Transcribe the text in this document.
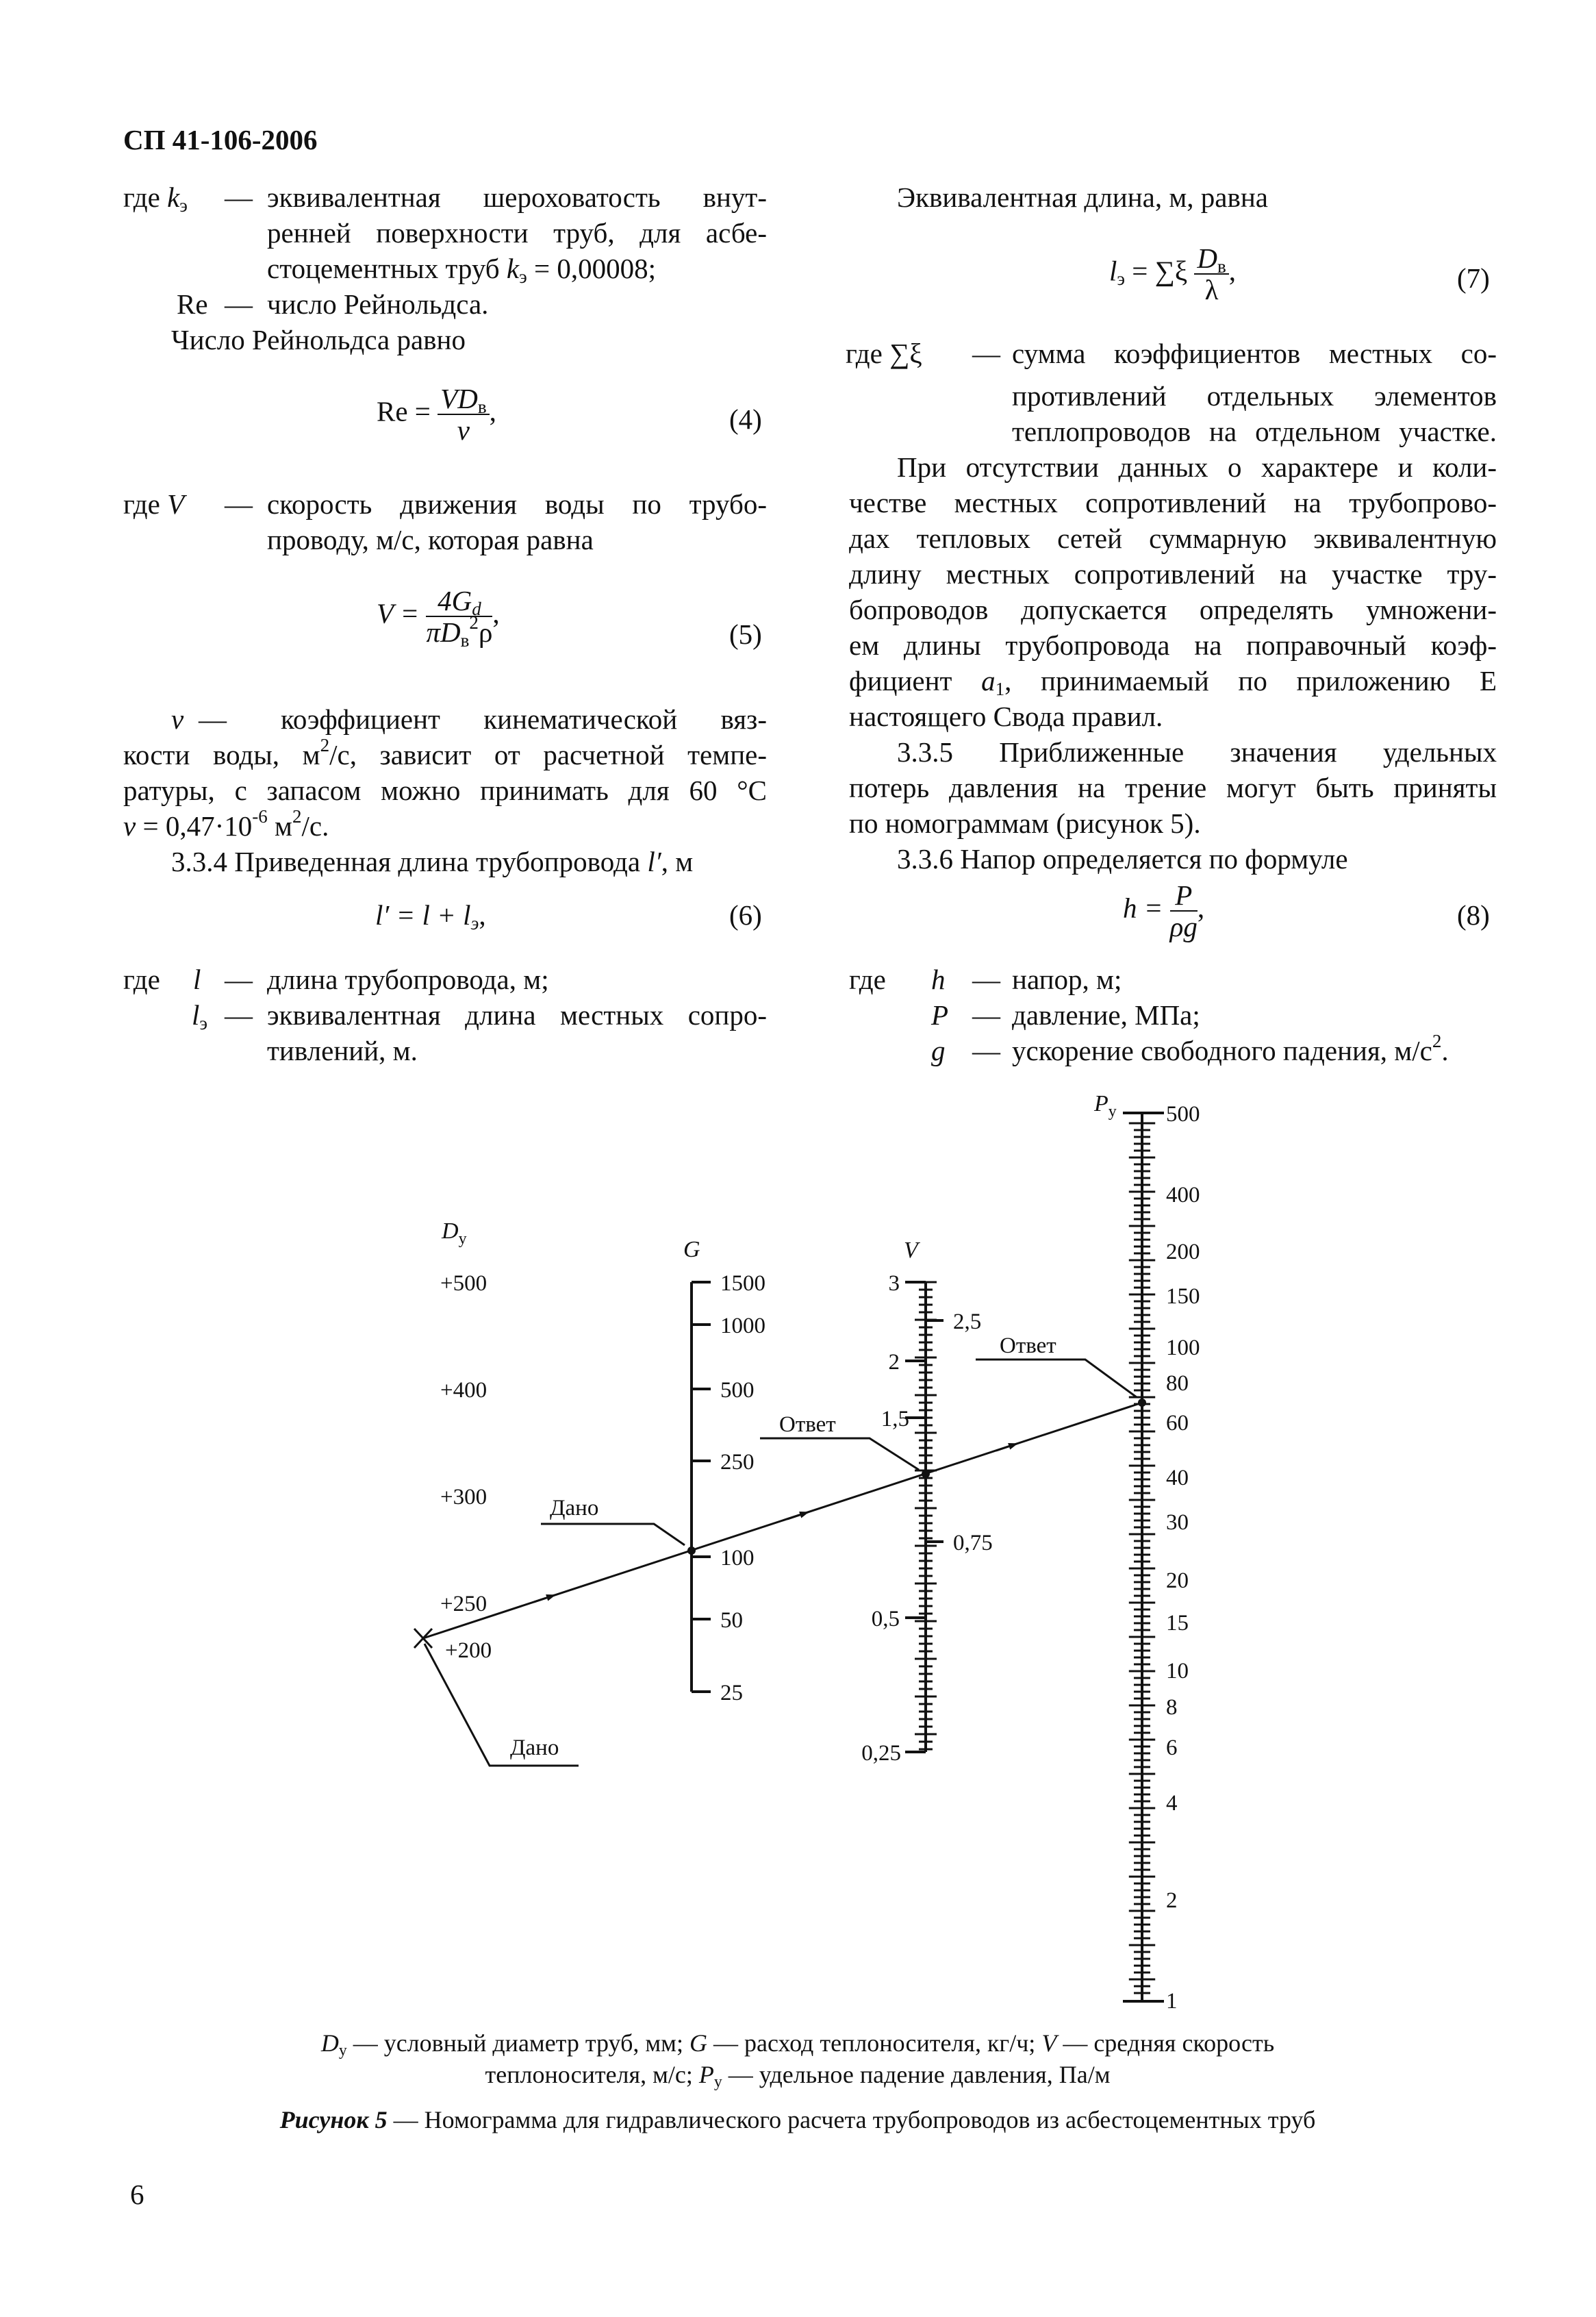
СП 41-106-2006
где $k_э$ — эквивалентная шероховатость внут-
ренней поверхности труб, для асбе-
стоцементных труб $k_э = 0,00008$;
Re — число Рейнольдса.
Число Рейнольдса равно
$Re = \frac{VD_в}{v}$ ,	(4)
где V — скорость движения воды по трубо-
проводу, м/с, которая равна
$V = \frac{4G_d}{\pi D_в^2\rho}$ ,
(5)
v — коэффициент кинематической вяз-
кости воды, $м^2/с$, зависит от расчетной темпе-
ратуры, с запасом можно принимать для 60 °С
$v = 0,47\cdot 10^{-6}$ $м^2/с$.
3.3.4 Приведенная длина трубопровода l′, м
$l' = l + l_э$,	(6)
где l — длина трубопровода, м;
$l_э$ — эквивалентная длина местных сопро-
тивлений, м.
Эквивалентная длина, м, равна
$l_э = \sum\xi \frac{D_в}{\lambda}$ ,	(7)
где ∑ξ — сумма коэффициентов местных со-
противлений отдельных элементов
теплопроводов на отдельном участке.
При отсутствии данных о характере и коли-
честве местных сопротивлений на трубопрово-
дах тепловых сетей суммарную эквивалентную
длину местных сопротивлений на участке тру-
бопроводов допускается определять умножени-
ем длины трубопровода на поправочный коэф-
фициент $a_1$, принимаемый по приложению Е
настоящего Свода правил.
3.3.5 Приближенные значения удельных
потерь давления на трение могут быть приняты
по номограммам (рисунок 5).
3.3.6 Напор определяется по формуле
$h = \frac{P}{\rho g}$ ,	(8)
где h — напор, м;
P — давление, МПа;
g — ускорение свободного падения, $м/с^2$.
$D_у$	G	V
$P_у$
+500
+400
+300
+250
+200
1500
1000
500
250
100
50
25
3
2
1,5
0,5
0,25
2,5
0,75
500
400
200
150
100
80
60
40
30
20
15
10
8
6
4
2
1
Дано
Дано
Ответ
Ответ
$D_у$ — условный диаметр труб, мм; G — расход теплоносителя, кг/ч; V — средняя скорость
теплоносителя, м/с; $P_у$ — удельное падение давления, Па/м
Рисунок 5 — Номограмма для гидравлического расчета трубопроводов из асбестоцементных труб
6
